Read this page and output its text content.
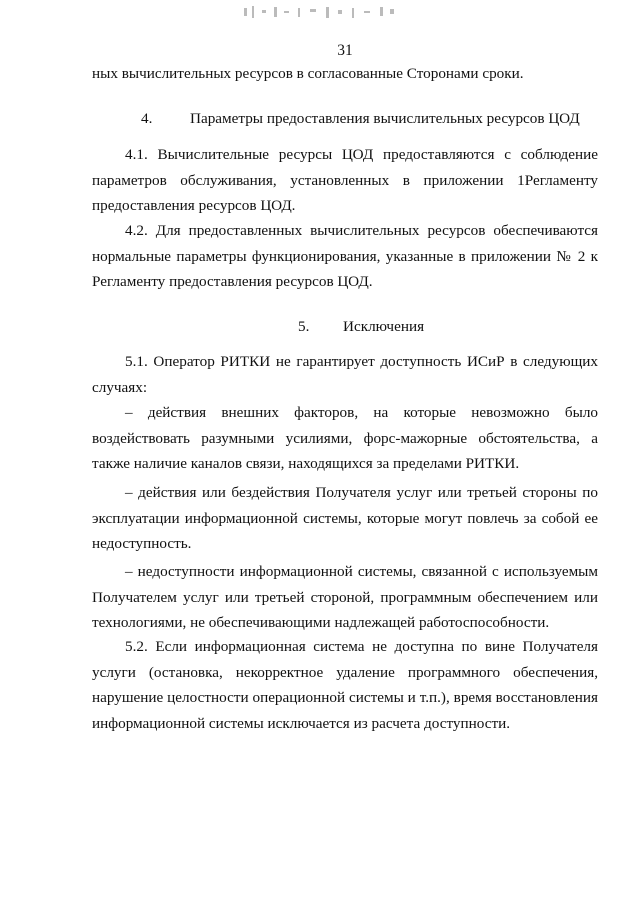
31
ных вычислительных ресурсов в согласованные Сторонами сроки.
4. Параметры предоставления вычислительных ресурсов ЦОД
4.1. Вычислительные ресурсы ЦОД предоставляются с соблюдение параметров обслуживания, установленных в приложении 1Регламенту предоставления ресурсов ЦОД.
4.2. Для предоставленных вычислительных ресурсов обеспечиваются нормальные параметры функционирования, указанные в приложении № 2 к Регламенту предоставления ресурсов ЦОД.
5. Исключения
5.1. Оператор РИТКИ не гарантирует доступность ИСиР в следующих случаях:
– действия внешних факторов, на которые невозможно было воздействовать разумными усилиями, форс-мажорные обстоятельства, а также наличие каналов связи, находящихся за пределами РИТКИ.
– действия или бездействия Получателя услуг или третьей стороны по эксплуатации информационной системы, которые могут повлечь за собой ее недоступность.
– недоступности информационной системы, связанной с используемым Получателем услуг или третьей стороной, программным обеспечением или технологиями, не обеспечивающими надлежащей работоспособности.
5.2. Если информационная система не доступна по вине Получателя услуги (остановка, некорректное удаление программного обеспечения, нарушение целостности операционной системы и т.п.), время восстановления информационной системы исключается из расчета доступности.
